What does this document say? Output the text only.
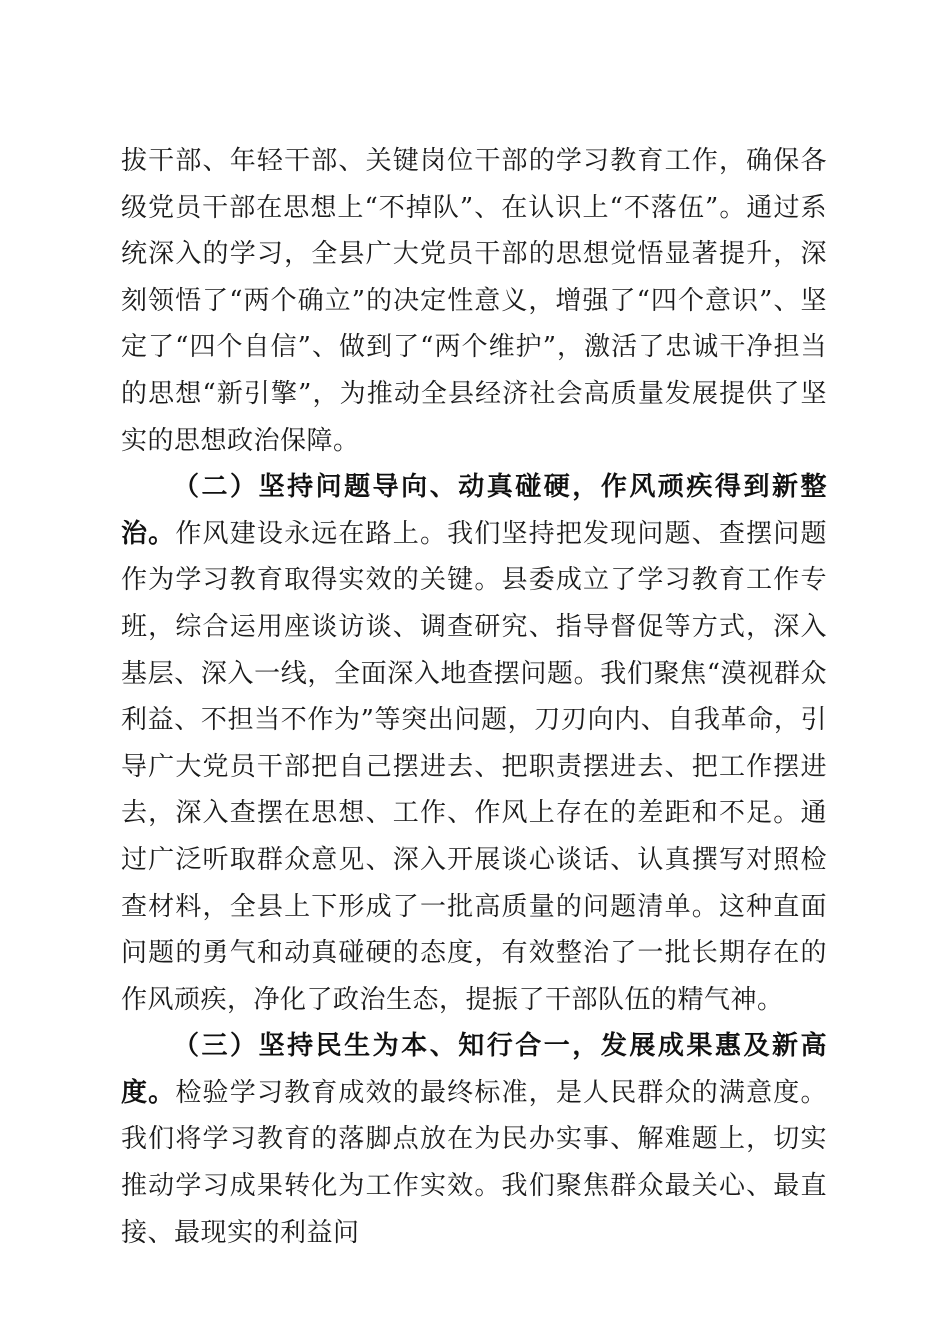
拔干部、年轻干部、关键岗位干部的学习教育工作，确保各级党员干部在思想上“不掉队”、在认识上“不落伍”。通过系统深入的学习，全县广大党员干部的思想觉悟显著提升，深刻领悟了“两个确立”的决定性意义，增强了“四个意识”、坚定了“四个自信”、做到了“两个维护”，激活了忠诚干净担当的思想“新引擎”，为推动全县经济社会高质量发展提供了坚实的思想政治保障。

（二）坚持问题导向、动真碰硬，作风顽疾得到新整治。作风建设永远在路上。我们坚持把发现问题、查摆问题作为学习教育取得实效的关键。县委成立了学习教育工作专班，综合运用座谈访谈、调查研究、指导督促等方式，深入基层、深入一线，全面深入地查摆问题。我们聚焦“漠视群众利益、不担当不作为”等突出问题，刀刃向内、自我革命，引导广大党员干部把自己摆进去、把职责摆进去、把工作摆进去，深入查摆在思想、工作、作风上存在的差距和不足。通过广泛听取群众意见、深入开展谈心谈话、认真撰写对照检查材料，全县上下形成了一批高质量的问题清单。这种直面问题的勇气和动真碰硬的态度，有效整治了一批长期存在的作风顽疾，净化了政治生态，提振了干部队伍的精气神。

（三）坚持民生为本、知行合一，发展成果惠及新高度。检验学习教育成效的最终标准，是人民群众的满意度。我们将学习教育的落脚点放在为民办实事、解难题上，切实推动学习成果转化为工作实效。我们聚焦群众最关心、最直接、最现实的利益问
